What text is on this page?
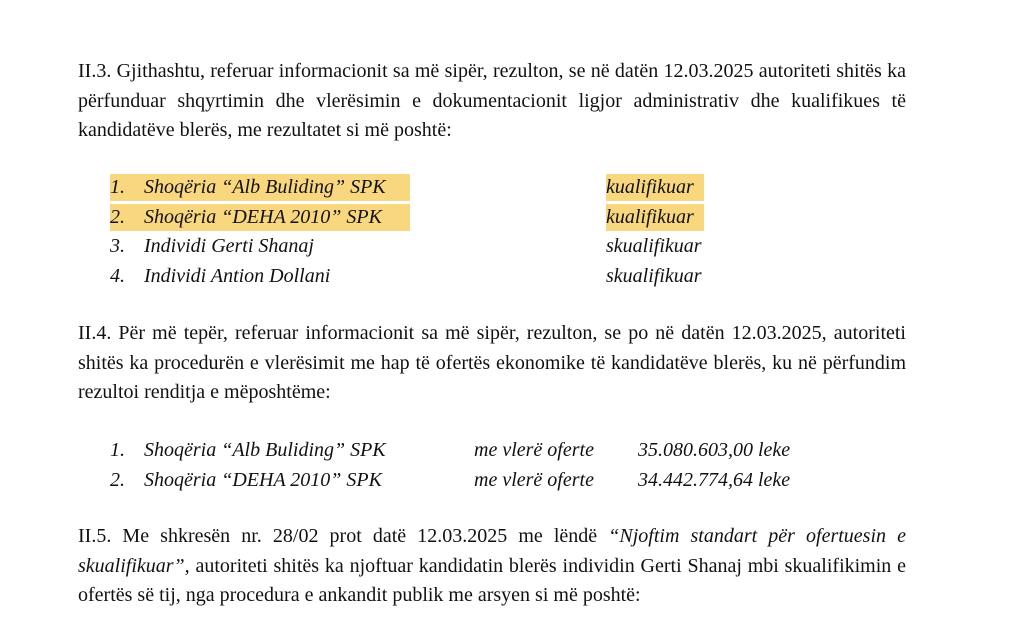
II.3. Gjithashtu, referuar informacionit sa më sipër, rezulton, se në datën 12.03.2025 autoriteti shitës ka përfunduar shqyrtimin dhe vlerësimin e dokumentacionit ligjor administrativ dhe kualifikues të kandidatëve blerës, me rezultatet si më poshtë:

1. Shoqëria “Alb Buliding” SPK	kualifikuar
2. Shoqëria “DEHA 2010” SPK	kualifikuar
3. Individi Gerti Shanaj	skualifikuar
4. Individi Antion Dollani	skualifikuar

II.4. Për më tepër, referuar informacionit sa më sipër, rezulton, se po në datën 12.03.2025, autoriteti shitës ka procedurën e vlerësimit me hap të ofertës ekonomike të kandidatëve blerës, ku në përfundim rezultoi renditja e mëposhtëme:

1. Shoqëria “Alb Buliding” SPK	me vlerë oferte 35.080.603,00 leke
2. Shoqëria “DEHA 2010” SPK	me vlerë oferte 34.442.774,64 leke

II.5. Me shkresën nr. 28/02 prot datë 12.03.2025 me lëndë “Njoftim standart për ofertuesin e skualifikuar”, autoriteti shitës ka njoftuar kandidatin blerës individin Gerti Shanaj mbi skualifikimin e ofertës së tij, nga procedura e ankandit publik me arsyen si më poshtë:
